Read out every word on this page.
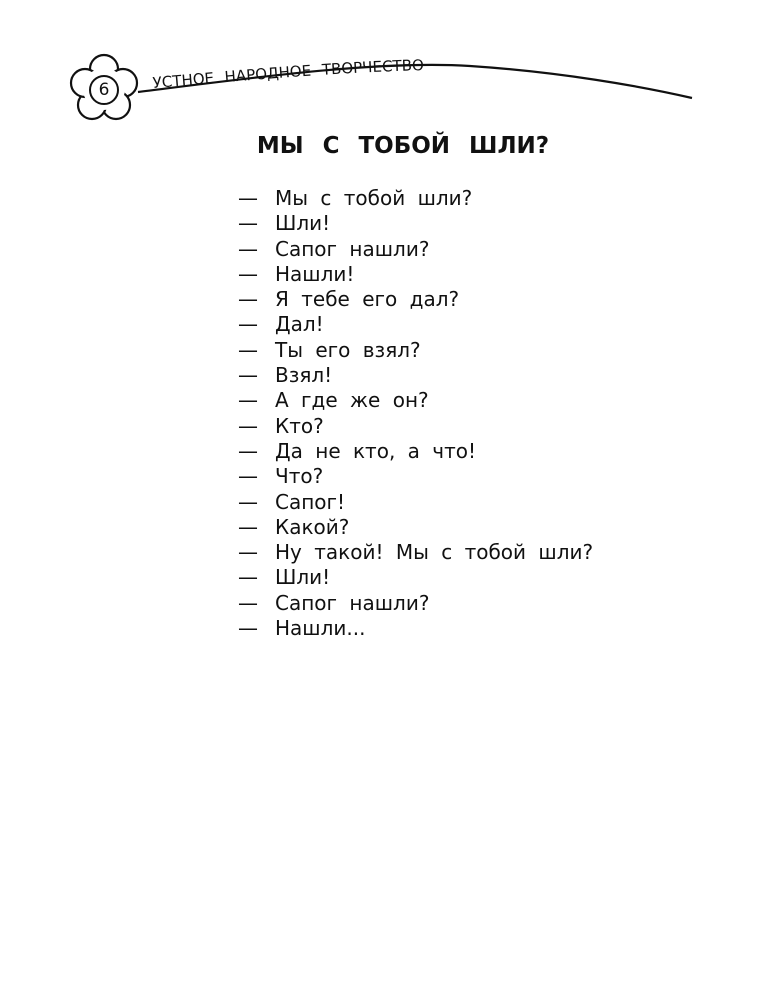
6	УСТНОЕ НАРОДНОЕ ТВОРЧЕСТВО
МЫ С ТОБОЙ ШЛИ?
— Мы с тобой шли?
— Шли!
— Сапог нашли?
— Нашли!
— Я тебе его дал?
— Дал!
— Ты его взял?
— Взял!
— А где же он?
— Кто?
— Да не кто, а что!
— Что?
— Сапог!
— Какой?
— Ну такой! Мы с тобой шли?
— Шли!
— Сапог нашли?
— Нашли...
